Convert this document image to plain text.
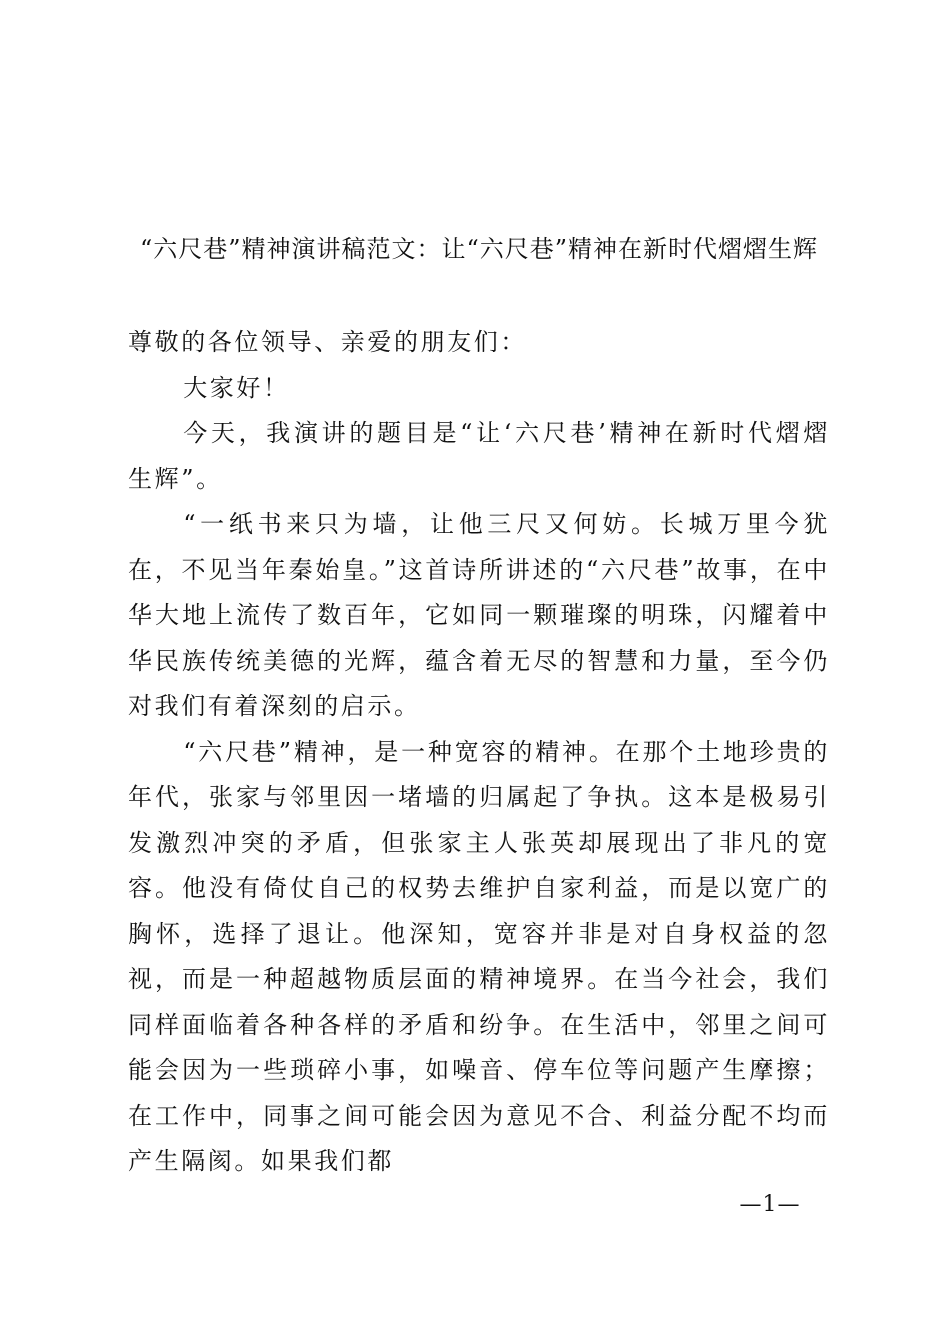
“六尺巷”精神演讲稿范文：让“六尺巷”精神在新时代熠熠生辉

尊敬的各位领导、亲爱的朋友们：

大家好！

今天，我演讲的题目是“让‘六尺巷’精神在新时代熠熠生辉”。

“一纸书来只为墙，让他三尺又何妨。长城万里今犹在，不见当年秦始皇。”这首诗所讲述的“六尺巷”故事，在中华大地上流传了数百年，它如同一颗璀璨的明珠，闪耀着中华民族传统美德的光辉，蕴含着无尽的智慧和力量，至今仍对我们有着深刻的启示。

“六尺巷”精神，是一种宽容的精神。在那个土地珍贵的年代，张家与邻里因一堵墙的归属起了争执。这本是极易引发激烈冲突的矛盾，但张家主人张英却展现出了非凡的宽容。他没有倚仗自己的权势去维护自家利益，而是以宽广的胸怀，选择了退让。他深知，宽容并非是对自身权益的忽视，而是一种超越物质层面的精神境界。在当今社会，我们同样面临着各种各样的矛盾和纷争。在生活中，邻里之间可能会因为一些琐碎小事，如噪音、停车位等问题产生摩擦；在工作中，同事之间可能会因为意见不合、利益分配不均而产生隔阂。如果我们都

—1—
